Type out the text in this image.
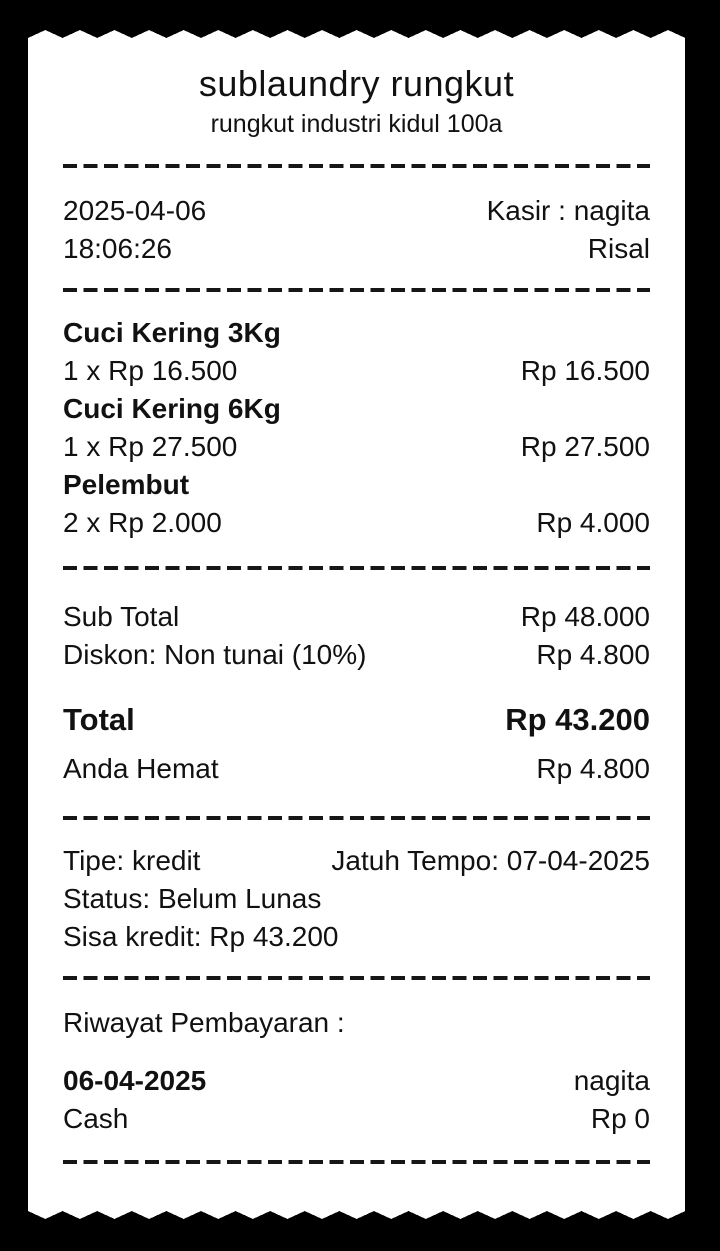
sublaundry rungkut
rungkut industri kidul 100a
2025-04-06	Kasir : nagita
18:06:26	Risal
Cuci Kering 3Kg
1 x Rp 16.500	Rp 16.500
Cuci Kering 6Kg
1 x Rp 27.500	Rp 27.500
Pelembut
2 x Rp 2.000	Rp 4.000
Sub Total	Rp 48.000
Diskon: Non tunai (10%)	Rp 4.800
Total	Rp 43.200
Anda Hemat	Rp 4.800
Tipe: kredit	Jatuh Tempo: 07-04-2025
Status: Belum Lunas
Sisa kredit: Rp 43.200
Riwayat Pembayaran :
06-04-2025	nagita
Cash	Rp 0
